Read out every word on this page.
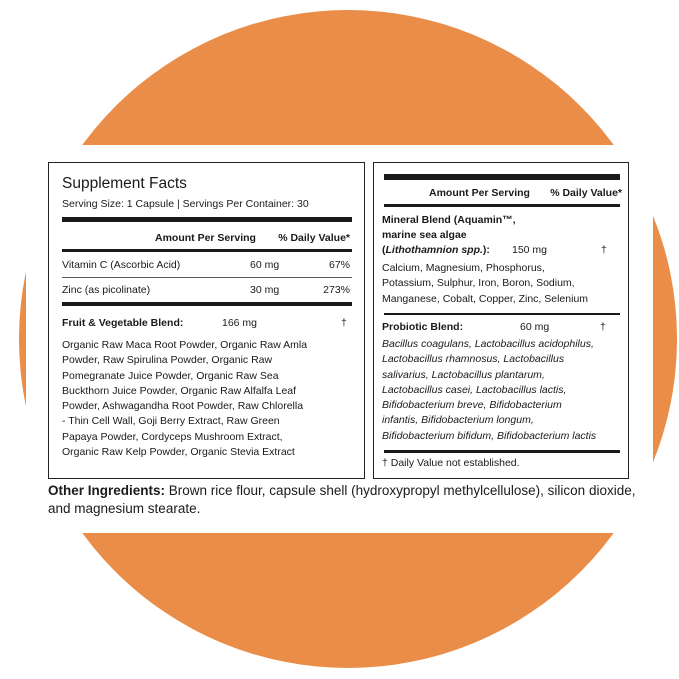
Supplement Facts
Serving Size: 1 Capsule | Servings Per Container: 30
Amount Per Serving % Daily Value*
Vitamin C (Ascorbic Acid)	60 mg	67%
Zinc (as picolinate)	30 mg	273%
Fruit & Vegetable Blend:	166 mg	†
Organic Raw Maca Root Powder, Organic Raw Amla
Powder, Raw Spirulina Powder, Organic Raw
Pomegranate Juice Powder, Organic Raw Sea
Buckthorn Juice Powder, Organic Raw Alfalfa Leaf
Powder, Ashwagandha Root Powder, Raw Chlorella
- Thin Cell Wall, Goji Berry Extract, Raw Green
Papaya Powder, Cordyceps Mushroom Extract,
Organic Raw Kelp Powder, Organic Stevia Extract
Amount Per Serving % Daily Value*
Mineral Blend (Aquamin™,
marine sea algae
(Lithothamnion spp.): 150 mg	†
Calcium, Magnesium, Phosphorus,
Potassium, Sulphur, Iron, Boron, Sodium,
Manganese, Cobalt, Copper, Zinc, Selenium
Probiotic Blend:	60 mg	†
Bacillus coagulans, Lactobacillus acidophilus,
Lactobacillus rhamnosus, Lactobacillus
salivarius, Lactobacillus plantarum,
Lactobacillus casei, Lactobacillus lactis,
Bifidobacterium breve, Bifidobacterium
infantis, Bifidobacterium longum,
Bifidobacterium bifidum, Bifidobacterium lactis
† Daily Value not established.
Other Ingredients: Brown rice flour, capsule shell (hydroxypropyl methylcellulose), silicon dioxide, and magnesium stearate.
